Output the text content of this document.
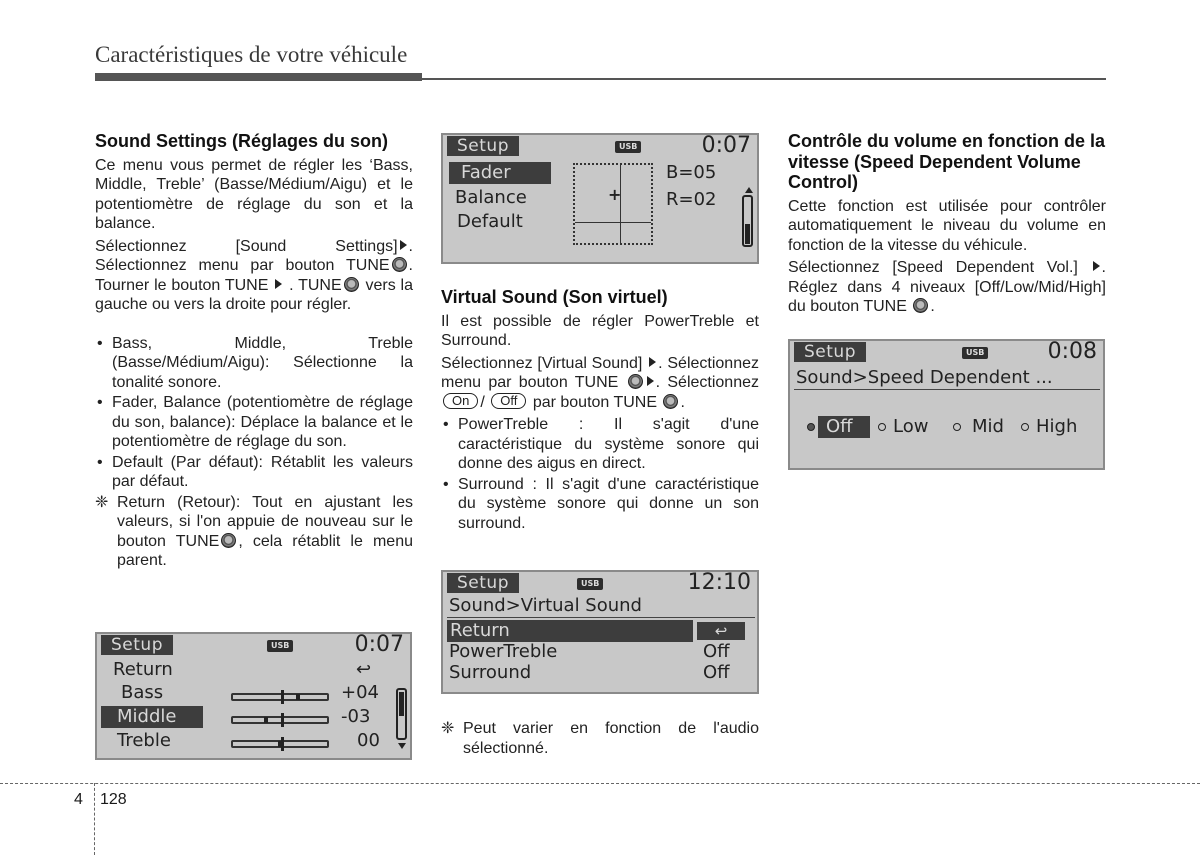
Caractéristiques de votre véhicule
Sound Settings (Réglages du son)

Ce menu vous permet de régler les ‘Bass, Middle, Treble’ (Basse/Médium/Aigu) et le potentiomètre de réglage du son et la balance.

Sélectionnez [Sound Settings] . Sélectionnez menu par bouton TUNE . Tourner le bouton TUNE . TUNE vers la gauche ou vers la droite pour régler.

• Bass, Middle, Treble (Basse/Médium/Aigu): Sélectionne la tonalité sonore.
• Fader, Balance (potentiomètre de réglage du son, balance): Déplace la balance et le potentiomètre de réglage du son.
• Default (Par défaut): Rétablit les valeurs par défaut.
❈ Return (Retour): Tout en ajustant les valeurs, si l'on appuie de nouveau sur le bouton TUNE , cela rétablit le menu parent.
Setup	USB	0:07
Fader
Balance
Default
+
B=05
R=02
Setup	USB	0:07
Return	↩
Bass	+04
Middle	-03
Treble	00
Virtual Sound (Son virtuel)

Il est possible de régler PowerTreble et Surround.

Sélectionnez [Virtual Sound] . Sélectionnez menu par bouton TUNE . Sélectionnez On / Off par bouton TUNE .

• PowerTreble : Il s'agit d'une caractéristique du système sonore qui donne des aigus en direct.
• Surround : Il s'agit d'une caractéristique du système sonore qui donne un son surround.
Setup	USB	12:10
Sound>Virtual Sound
Return	↩
PowerTreble	Off
Surround	Off
❈ Peut varier en fonction de l'audio sélectionné.
Contrôle du volume en fonction de la vitesse (Speed Dependent Volume Control)

Cette fonction est utilisée pour contrôler automatiquement le niveau du volume en fonction de la vitesse du véhicule.

Sélectionnez [Speed Dependent Vol.] . Réglez dans 4 niveaux [Off/Low/Mid/High] du bouton TUNE .

Setup	USB	0:08
Sound>Speed Dependent ...
Off	Low Mid High
4 128
